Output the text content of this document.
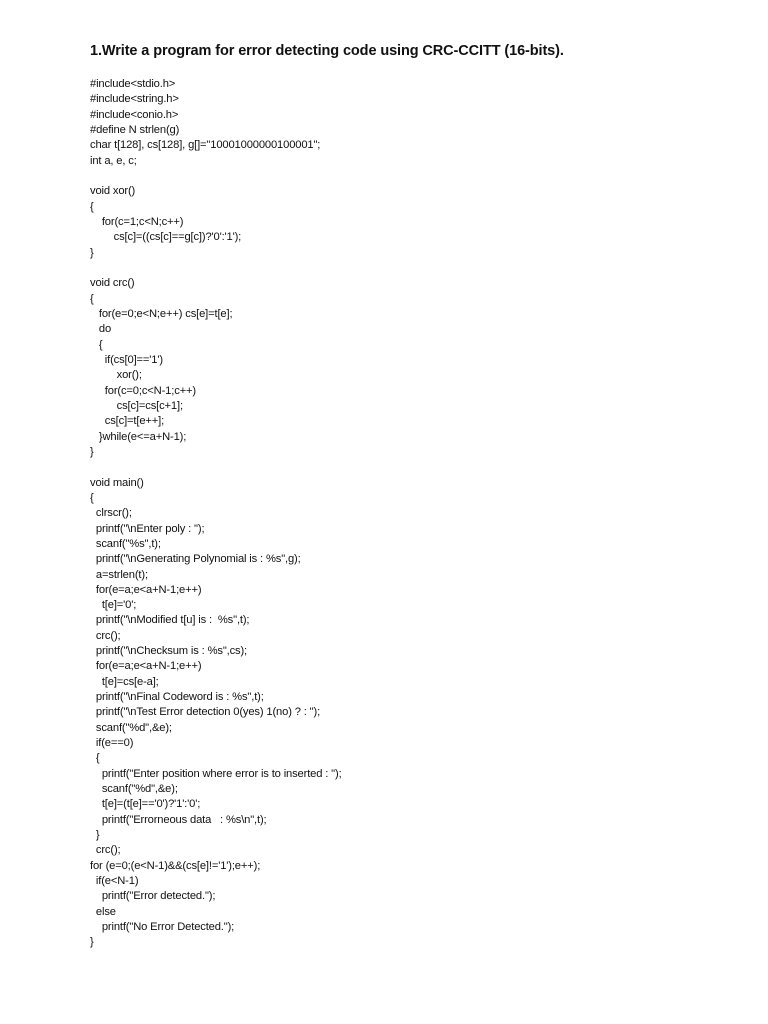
1.Write a program for error detecting code using CRC-CCITT (16-bits).
#include<stdio.h>
#include<string.h>
#include<conio.h>
#define N strlen(g)
char t[128], cs[128], g[]="10001000000100001";
int a, e, c;
void xor()
{
for(c=1;c<N;c++)
cs[c]=((cs[c]==g[c])?'0':'1');
}
void crc()
{
for(e=0;e<N;e++) cs[e]=t[e];
do
{
if(cs[0]=='1')
xor();
for(c=0;c<N-1;c++)
cs[c]=cs[c+1];
cs[c]=t[e++];
}while(e<=a+N-1);
}
void main()
{
clrscr();
printf("\nEnter poly : ");
scanf("%s",t);
printf("\nGenerating Polynomial is : %s",g);
a=strlen(t);
for(e=a;e<a+N-1;e++)
t[e]='0';
printf("\nModified t[u] is :  %s",t);
crc();
printf("\nChecksum is : %s",cs);
for(e=a;e<a+N-1;e++)
t[e]=cs[e-a];
printf("\nFinal Codeword is : %s",t);
printf("\nTest Error detection 0(yes) 1(no) ? : ");
scanf("%d",&e);
if(e==0)
{
printf("Enter position where error is to inserted : ");
scanf("%d",&e);
t[e]=(t[e]=='0')?'1':'0';
printf("Errorneous data   : %s\n",t);
}
crc();
for (e=0;(e<N-1)&&(cs[e]!='1');e++);
if(e<N-1)
printf("Error detected.");
else
printf("No Error Detected.");
}
